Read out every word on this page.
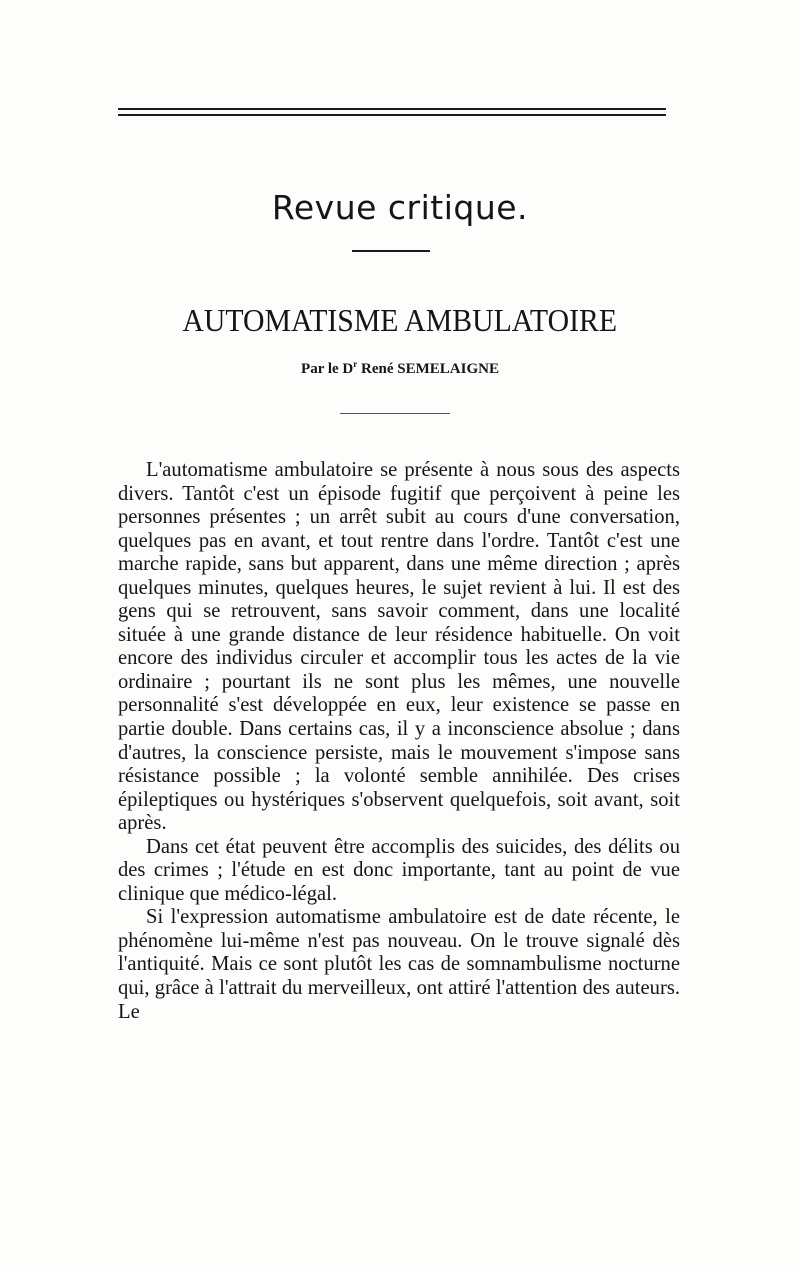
Revue critique.
AUTOMATISME AMBULATOIRE
Par le $D^r$ René SEMELAIGNE

L'automatisme ambulatoire se présente à nous sous des aspects divers. Tantôt c'est un épisode fugitif que perçoivent à peine les personnes présentes ; un arrêt subit au cours d'une conversation, quelques pas en avant, et tout rentre dans l'ordre. Tantôt c'est une marche rapide, sans but apparent, dans une même direction ; après quelques minutes, quelques heures, le sujet revient à lui. Il est des gens qui se retrouvent, sans savoir comment, dans une localité située à une grande distance de leur résidence habituelle. On voit encore des individus circuler et accomplir tous les actes de la vie ordinaire ; pourtant ils ne sont plus les mêmes, une nouvelle personnalité s'est développée en eux, leur existence se passe en partie double. Dans certains cas, il y a inconscience absolue ; dans d'autres, la conscience persiste, mais le mouvement s'impose sans résistance possible ; la volonté semble annihilée. Des crises épileptiques ou hystériques s'observent quelquefois, soit avant, soit après.

Dans cet état peuvent être accomplis des suicides, des délits ou des crimes ; l'étude en est donc importante, tant au point de vue clinique que médico-légal.

Si l'expression automatisme ambulatoire est de date récente, le phénomène lui-même n'est pas nouveau. On le trouve signalé dès l'antiquité. Mais ce sont plutôt les cas de somnambulisme nocturne qui, grâce à l'attrait du merveilleux, ont attiré l'attention des auteurs. Le
